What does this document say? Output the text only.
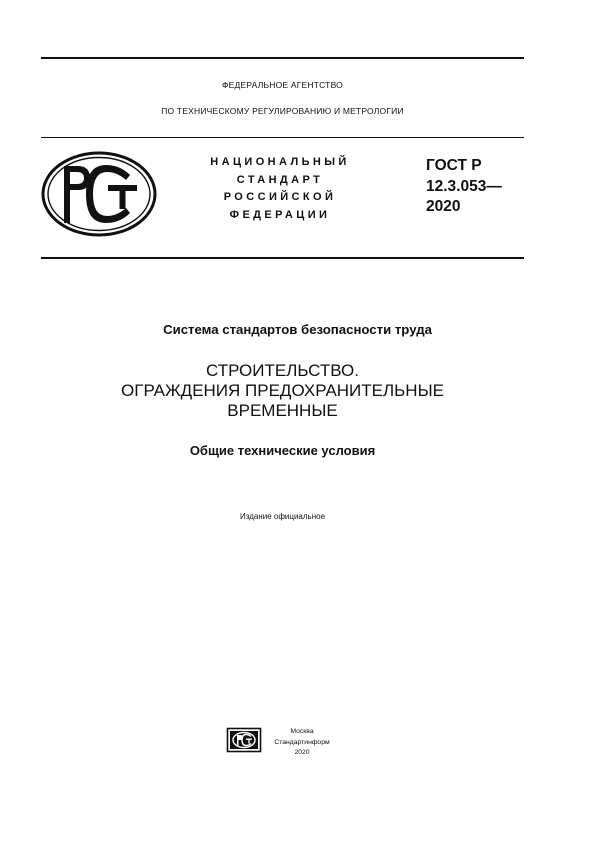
ФЕДЕРАЛЬНОЕ АГЕНТСТВО
ПО ТЕХНИЧЕСКОМУ РЕГУЛИРОВАНИЮ И МЕТРОЛОГИИ
НАЦИОНАЛЬНЫЙ
СТАНДАРТ
РОССИЙСКОЙ
ФЕДЕРАЦИИ
ГОСТ Р
12.3.053—
2020
Система стандартов безопасности труда
СТРОИТЕЛЬСТВО.
ОГРАЖДЕНИЯ ПРЕДОХРАНИТЕЛЬНЫЕ
ВРЕМЕННЫЕ
Общие технические условия
Издание официальное
Москва
Стандартинформ
2020
